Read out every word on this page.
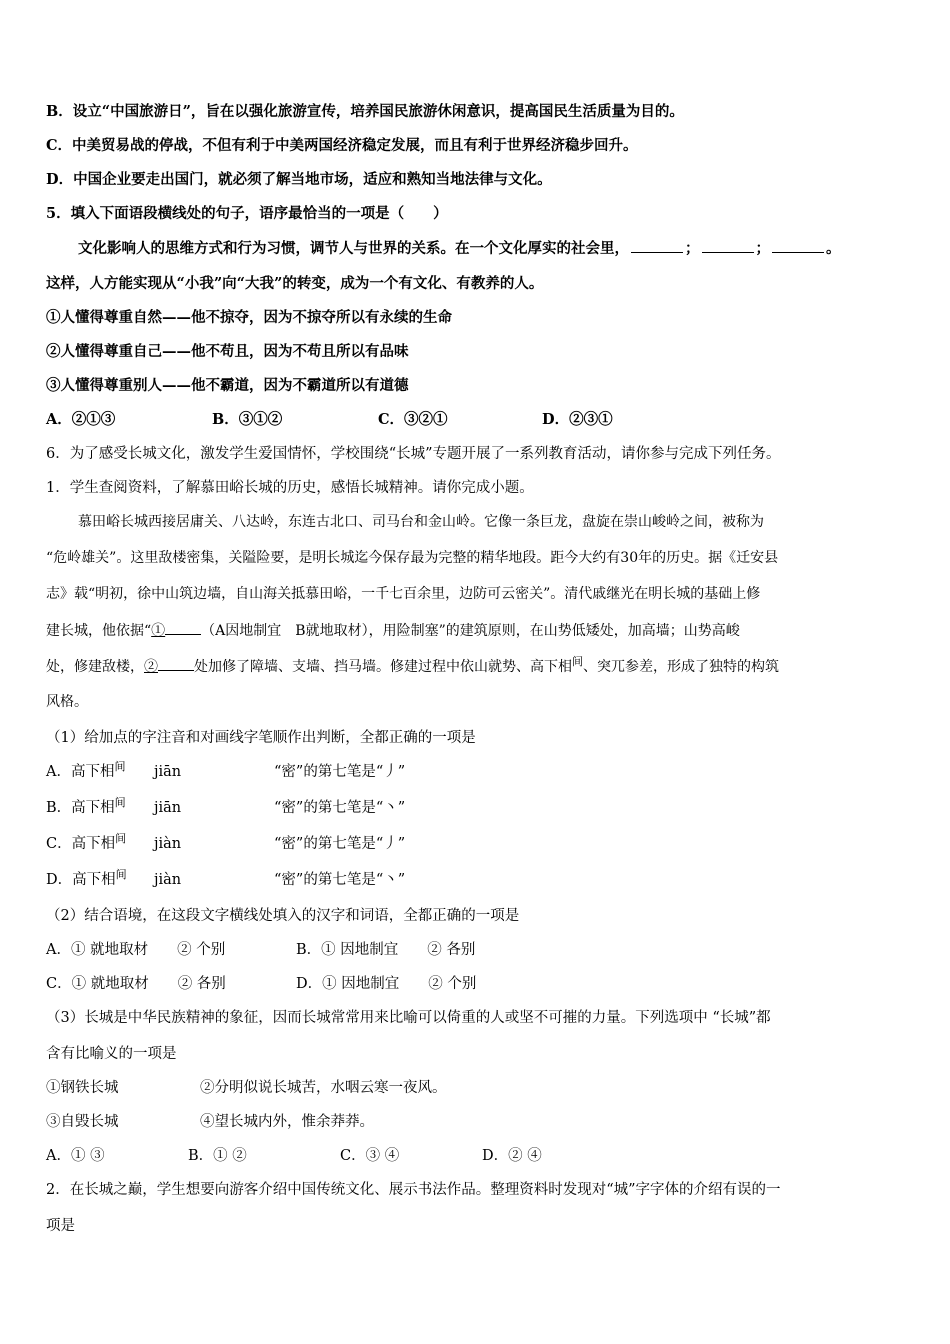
B．设立“中国旅游日”，旨在以强化旅游宣传，培养国民旅游休闲意识，提高国民生活质量为目的。
C．中美贸易战的停战，不但有利于中美两国经济稳定发展，而且有利于世界经济稳步回升。
D．中国企业要走出国门，就必须了解当地市场，适应和熟知当地法律与文化。
5．填入下面语段横线处的句子，语序最恰当的一项是（　　）
文化影响人的思维方式和行为习惯，调节人与世界的关系。在一个文化厚实的社会里，	；	；	。
这样，人方能实现从“小我”向“大我”的转变，成为一个有文化、有教养的人。
①人懂得尊重自然——他不掠夺，因为不掠夺所以有永续的生命
②人懂得尊重自己——他不苟且，因为不苟且所以有品味
③人懂得尊重别人——他不霸道，因为不霸道所以有道德
A．②①③	B．③①②	C．③②①	D．②③①
6．为了感受长城文化，激发学生爱国情怀，学校围绕“长城”专题开展了一系列教育活动，请你参与完成下列任务。
1．学生查阅资料，了解慕田峪长城的历史，感悟长城精神。请你完成小题。
慕田峪长城西接居庸关、八达岭，东连古北口、司马台和金山岭。它像一条巨龙，盘旋在崇山峻岭之间，被称为
“危岭雄关”。这里敌楼密集，关隘险要，是明长城迄今保存最为完整的精华地段。距今大约有30年的历史。据《迁安县
志》载“明初，徐中山筑边墙，自山海关抵慕田峪，一千七百余里，边防可云密关”。清代戚继光在明长城的基础上修
建长城，他依据“①	（A因地制宜　B就地取材），用险制塞”的建筑原则，在山势低矮处，加高墙；山势高峻
处，修建敌楼，②	处加修了障墙、支墙、挡马墙。修建过程中依山就势、高下相$^间$、突兀参差，形成了独特的构筑
风格。
（1）给加点的字注音和对画线字笔顺作出判断，全都正确的一项是
A．高下相$^间$ jiān	“密”的第七笔是“丿”
B．高下相$^间$ jiān	“密”的第七笔是“丶”
C．高下相$^间$ jiàn	“密”的第七笔是“丿”
D．高下相$^间$ jiàn	“密”的第七笔是“丶”
（2）结合语境，在这段文字横线处填入的汉字和词语，全都正确的一项是
A．① 就地取材　　② 个别	B．① 因地制宜　　② 各别
C．① 就地取材　　② 各别	D．① 因地制宜　　② 个别
（3）长城是中华民族精神的象征，因而长城常常用来比喻可以倚重的人或坚不可摧的力量。下列选项中 “长城”都
含有比喻义的一项是
①钢铁长城	②分明似说长城苦，水咽云寒一夜风。
③自毁长城	④望长城内外，惟余莽莽。
A．① ③	B．① ②	C．③ ④	D．② ④
2．在长城之巅，学生想要向游客介绍中国传统文化、展示书法作品。整理资料时发现对“城”字字体的介绍有误的一
项是
